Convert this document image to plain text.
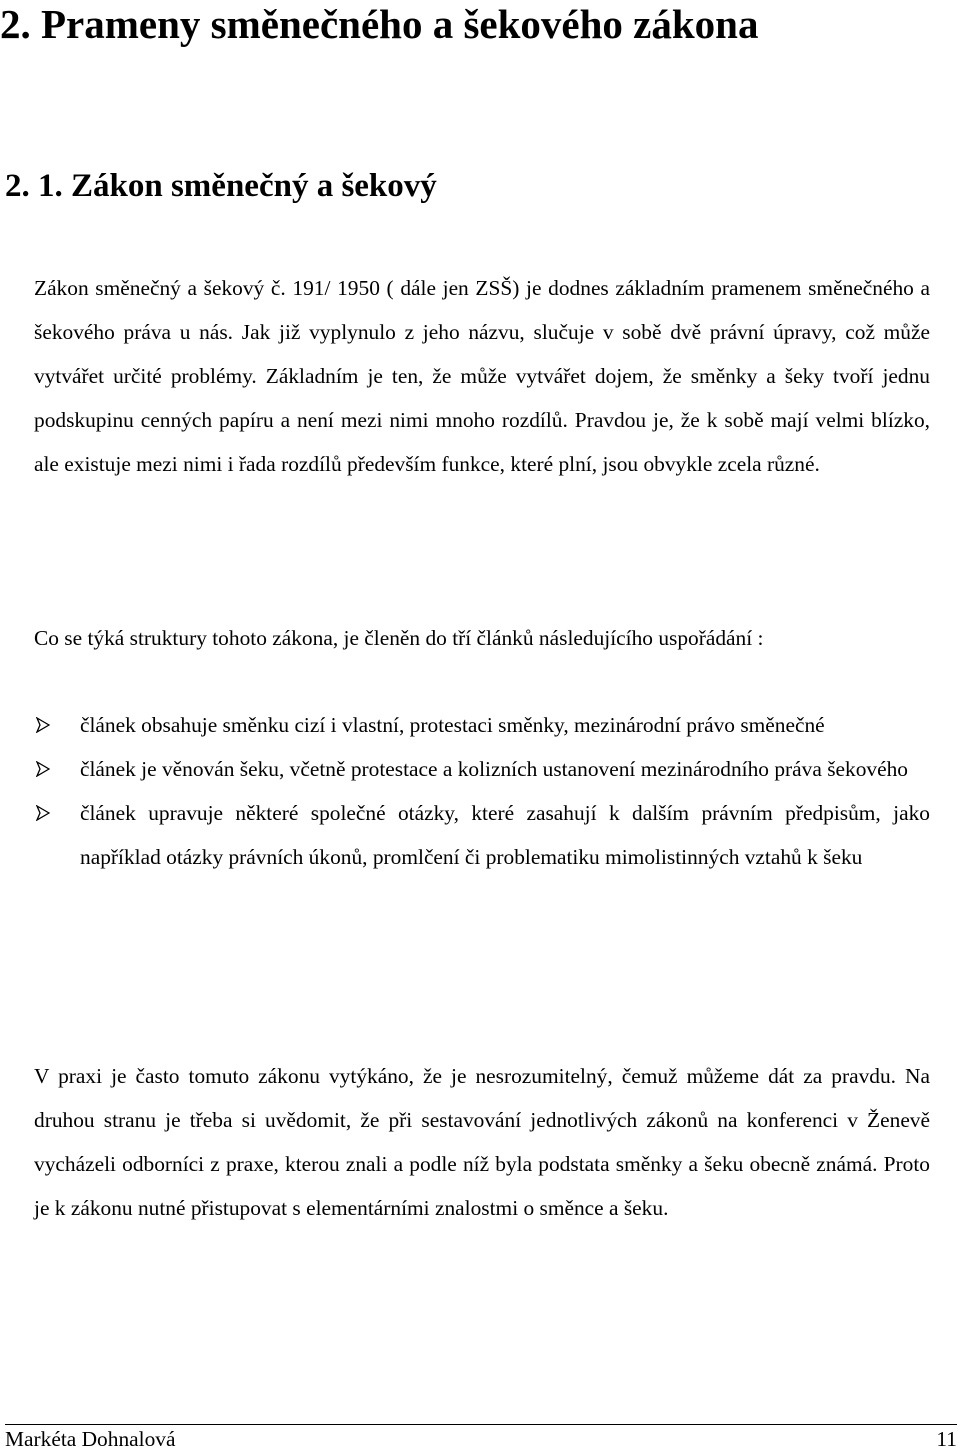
2. Prameny směnečného a šekového zákona
2. 1. Zákon směnečný a šekový

Zákon směnečný a šekový č. 191/ 1950 ( dále jen ZSŠ) je dodnes základním pramenem směnečného a šekového práva u nás. Jak již vyplynulo z jeho názvu, slučuje v sobě dvě právní úpravy, což může vytvářet určité problémy. Základním je ten, že může vytvářet dojem, že směnky a šeky tvoří jednu podskupinu cenných papíru a není mezi nimi mnoho rozdílů. Pravdou je, že k sobě mají velmi blízko, ale existuje mezi nimi i řada rozdílů především funkce, které plní, jsou obvykle zcela různé.

Co se týká struktury tohoto zákona, je členěn do tří článků následujícího uspořádání :

článek obsahuje směnku cizí i vlastní, protestaci směnky, mezinárodní právo směnečné
článek je věnován šeku, včetně protestace a kolizních ustanovení mezinárodního práva šekového
článek upravuje některé společné otázky, které zasahují k dalším právním předpisům, jako například otázky právních úkonů, promlčení či problematiku mimolistinných vztahů k šeku

V praxi je často tomuto zákonu vytýkáno, že je nesrozumitelný, čemuž můžeme dát za pravdu. Na druhou stranu je třeba si uvědomit, že při sestavování jednotlivých zákonů na konferenci v Ženevě vycházeli odborníci z praxe, kterou znali a podle níž byla podstata směnky a šeku obecně známá. Proto je k zákonu nutné přistupovat s elementárními znalostmi o směnce a šeku.

Markéta Dohnalová	11
